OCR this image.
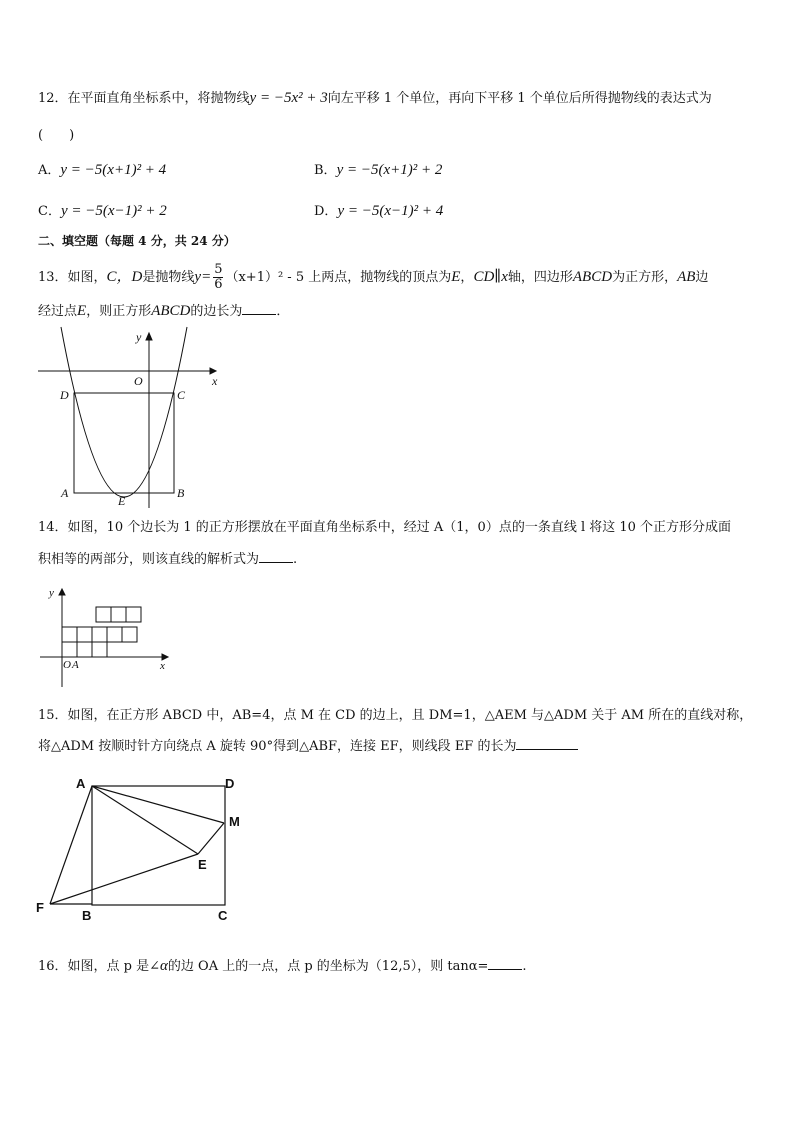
12．在平面直角坐标系中，将抛物线y = −5x² + 3向左平移 1 个单位，再向下平移 1 个单位后所得抛物线的表达式为
(　　)
A．y = −5(x+1)² + 4	B．y = −5(x+1)² + 2
C．y = −5(x−1)² + 2	D．y = −5(x−1)² + 4
二、填空题（每题 4 分，共 24 分）
13．如图，C，D是抛物线$y= \frac{5}{6} (x+1)^2 - 5$ 上两点，抛物线的顶点为E，CD∥x轴，四边形ABCD为正方形，AB边
经过点E，则正方形ABCD的边长为	．
y
x
O
D	C
A	B
E
14．如图，10 个边长为 1 的正方形摆放在平面直角坐标系中，经过 A（1，0）点的一条直线 l 将这 10 个正方形分成面
积相等的两部分，则该直线的解析式为	.
y
x
O A
15．如图，在正方形 ABCD 中，AB=4，点 M 在 CD 的边上，且 DM=1，△AEM 与△ADM 关于 AM 所在的直线对称，
将△ADM 按顺时针方向绕点 A 旋转 90°得到△ABF，连接 EF，则线段 EF 的长为
A	D
M
E
F
B	C
16．如图，点 p 是∠α的边 OA 上的一点，点 p 的坐标为（12,5），则 tanα=	.
